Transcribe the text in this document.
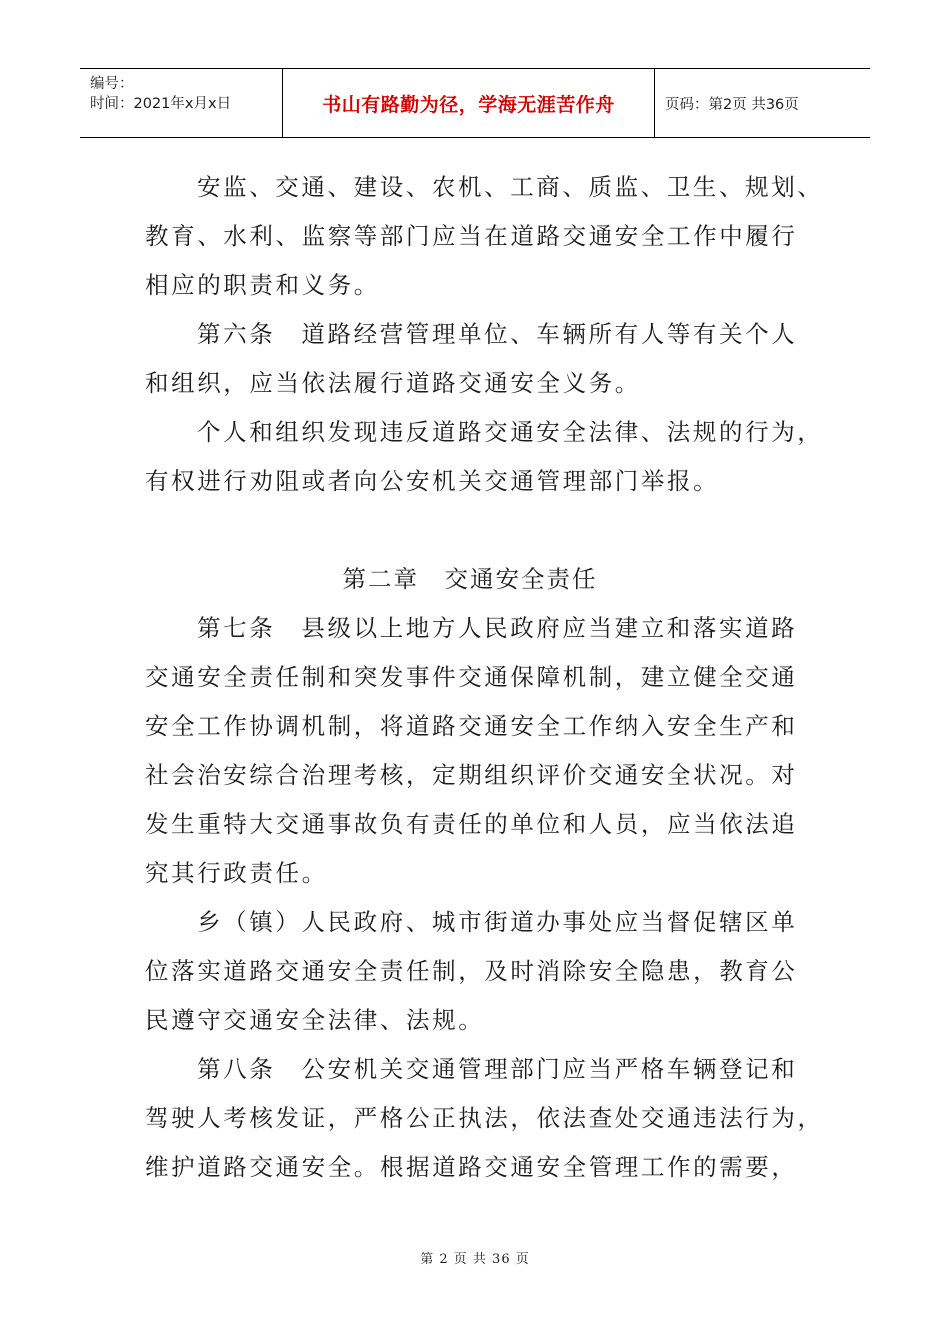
编号：
时间：2021年x月x日	书山有路勤为径，学海无涯苦作舟	页码：第2页 共36页
安监、交通、建设、农机、工商、质监、卫生、规划、
教育、水利、监察等部门应当在道路交通安全工作中履行
相应的职责和义务。
第六条　道路经营管理单位、车辆所有人等有关个人
和组织，应当依法履行道路交通安全义务。
个人和组织发现违反道路交通安全法律、法规的行为，
有权进行劝阻或者向公安机关交通管理部门举报。
第二章　交通安全责任
第七条　县级以上地方人民政府应当建立和落实道路
交通安全责任制和突发事件交通保障机制，建立健全交通
安全工作协调机制，将道路交通安全工作纳入安全生产和
社会治安综合治理考核，定期组织评价交通安全状况。对
发生重特大交通事故负有责任的单位和人员，应当依法追
究其行政责任。
乡（镇）人民政府、城市街道办事处应当督促辖区单
位落实道路交通安全责任制，及时消除安全隐患，教育公
民遵守交通安全法律、法规。
第八条　公安机关交通管理部门应当严格车辆登记和
驾驶人考核发证，严格公正执法，依法查处交通违法行为，
维护道路交通安全。根据道路交通安全管理工作的需要，
第 2 页 共 36 页
